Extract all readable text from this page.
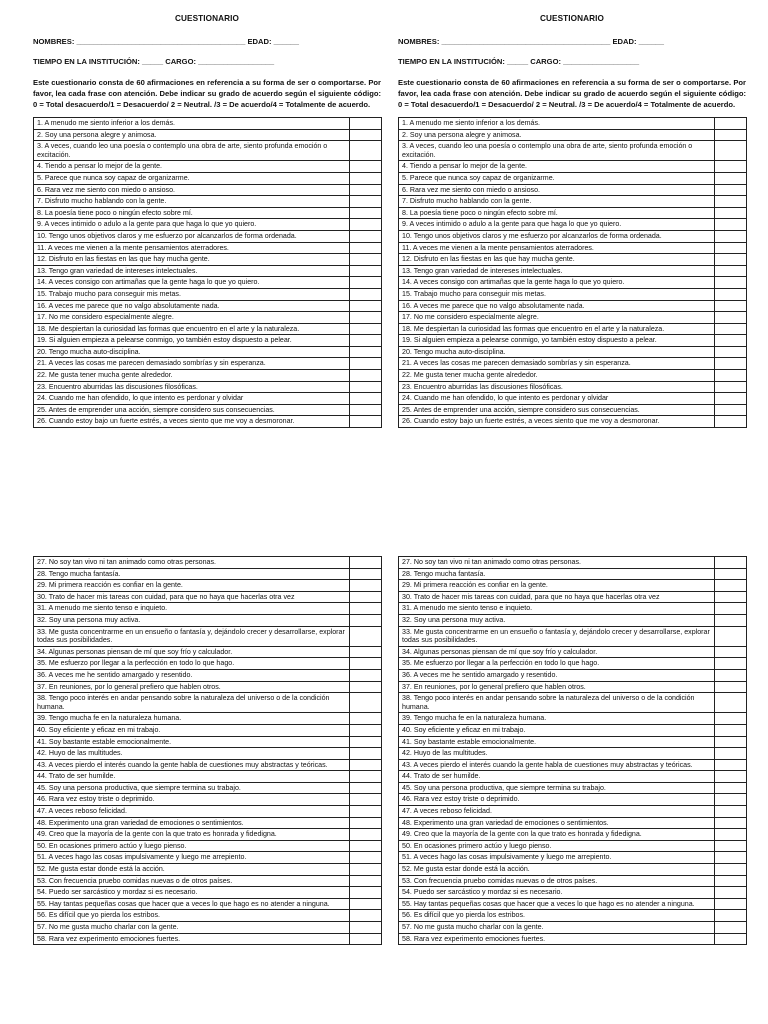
CUESTIONARIO
NOMBRES: ________________________________________ EDAD: ______
TIEMPO EN LA INSTITUCIÓN: _____ CARGO: __________________
Este cuestionario consta de 60 afirmaciones en referencia a su forma de ser o comportarse. Por favor, lea cada frase con atención. Debe indicar su grado de acuerdo según el siguiente código: 0 = Total desacuerdo/1 = Desacuerdo/ 2 = Neutral. /3 = De acuerdo/4 = Totalmente de acuerdo.
1. A menudo me siento inferior a los demás.	
2. Soy una persona alegre y animosa.	
3. A veces, cuando leo una poesía o contemplo una obra de arte, siento profunda emoción o excitación.	
4. Tiendo a pensar lo mejor de la gente.	
5. Parece que nunca soy capaz de organizarme.	
6. Rara vez me siento con miedo o ansioso.	
7. Disfruto mucho hablando con la gente.	
8. La poesía tiene poco o ningún efecto sobre mí.	
9. A veces intimido o adulo a la gente para que haga lo que yo quiero.	
10. Tengo unos objetivos claros y me esfuerzo por alcanzarlos de forma ordenada.	
11. A veces me vienen a la mente pensamientos aterradores.	
12. Disfruto en las fiestas en las que hay mucha gente.	
13. Tengo gran variedad de intereses intelectuales.	
14. A veces consigo con artimañas que la gente haga lo que yo quiero.	
15. Trabajo mucho para conseguir mis metas.	
16. A veces me parece que no valgo absolutamente nada.	
17. No me considero especialmente alegre.	
18. Me despiertan la curiosidad las formas que encuentro en el arte y la naturaleza.	
19. Si alguien empieza a pelearse conmigo, yo también estoy dispuesto a pelear.	
20. Tengo mucha auto-disciplina.	
21. A veces las cosas me parecen demasiado sombrías y sin esperanza.	
22. Me gusta tener mucha gente alrededor.	
23. Encuentro aburridas las discusiones filosóficas.	
24. Cuando me han ofendido, lo que intento es perdonar y olvidar	
25. Antes de emprender una acción, siempre considero sus consecuencias.	
26. Cuando estoy bajo un fuerte estrés, a veces siento que me voy a desmoronar.	
CUESTIONARIO
NOMBRES: ________________________________________ EDAD: ______
TIEMPO EN LA INSTITUCIÓN: _____ CARGO: __________________
Este cuestionario consta de 60 afirmaciones en referencia a su forma de ser o comportarse. Por favor, lea cada frase con atención. Debe indicar su grado de acuerdo según el siguiente código: 0 = Total desacuerdo/1 = Desacuerdo/ 2 = Neutral. /3 = De acuerdo/4 = Totalmente de acuerdo.
1. A menudo me siento inferior a los demás.	
2. Soy una persona alegre y animosa.	
3. A veces, cuando leo una poesía o contemplo una obra de arte, siento profunda emoción o excitación.	
4. Tiendo a pensar lo mejor de la gente.	
5. Parece que nunca soy capaz de organizarme.	
6. Rara vez me siento con miedo o ansioso.	
7. Disfruto mucho hablando con la gente.	
8. La poesía tiene poco o ningún efecto sobre mí.	
9. A veces intimido o adulo a la gente para que haga lo que yo quiero.	
10. Tengo unos objetivos claros y me esfuerzo por alcanzarlos de forma ordenada.	
11. A veces me vienen a la mente pensamientos aterradores.	
12. Disfruto en las fiestas en las que hay mucha gente.	
13. Tengo gran variedad de intereses intelectuales.	
14. A veces consigo con artimañas que la gente haga lo que yo quiero.	
15. Trabajo mucho para conseguir mis metas.	
16. A veces me parece que no valgo absolutamente nada.	
17. No me considero especialmente alegre.	
18. Me despiertan la curiosidad las formas que encuentro en el arte y la naturaleza.	
19. Si alguien empieza a pelearse conmigo, yo también estoy dispuesto a pelear.	
20. Tengo mucha auto-disciplina.	
21. A veces las cosas me parecen demasiado sombrías y sin esperanza.	
22. Me gusta tener mucha gente alrededor.	
23. Encuentro aburridas las discusiones filosóficas.	
24. Cuando me han ofendido, lo que intento es perdonar y olvidar	
25. Antes de emprender una acción, siempre considero sus consecuencias.	
26. Cuando estoy bajo un fuerte estrés, a veces siento que me voy a desmoronar.	
27. No soy tan vivo ni tan animado como otras personas.	
28. Tengo mucha fantasía.	
29. Mi primera reacción es confiar en la gente.	
30. Trato de hacer mis tareas con cuidad, para que no haya que hacerlas otra vez	
31. A menudo me siento tenso e inquieto.	
32. Soy una persona muy activa.	
33. Me gusta concentrarme en un ensueño o fantasía y, dejándolo crecer y desarrollarse, explorar todas sus posibilidades.	
34. Algunas personas piensan de mí que soy frío y calculador.	
35. Me esfuerzo por llegar a la perfección en todo lo que hago.	
36. A veces me he sentido amargado y resentido.	
37. En reuniones, por lo general prefiero que hablen otros.	
38. Tengo poco interés en andar pensando sobre la naturaleza del universo o de la condición humana.	
39. Tengo mucha fe en la naturaleza humana.	
40. Soy eficiente y eficaz en mi trabajo.	
41. Soy bastante estable emocionalmente.	
42. Huyo de las multitudes.	
43. A veces pierdo el interés cuando la gente habla de cuestiones muy abstractas y teóricas.	
44. Trato de ser humilde.	
45. Soy una persona productiva, que siempre termina su trabajo.	
46. Rara vez estoy triste o deprimido.	
47. A veces reboso felicidad.	
48. Experimento una gran variedad de emociones o sentimientos.	
49. Creo que la mayoría de la gente con la que trato es honrada y fidedigna.	
50. En ocasiones primero actúo y luego pienso.	
51. A veces hago las cosas impulsivamente y luego me arrepiento.	
52. Me gusta estar donde está la acción.	
53. Con frecuencia pruebo comidas nuevas o de otros países.	
54. Puedo ser sarcástico y mordaz si es necesario.	
55. Hay tantas pequeñas cosas que hacer que a veces lo que hago es no atender a ninguna.	
56. Es difícil que yo pierda los estribos.	
57. No me gusta mucho charlar con la gente.	
58. Rara vez experimento emociones fuertes.	
27. No soy tan vivo ni tan animado como otras personas.	
28. Tengo mucha fantasía.	
29. Mi primera reacción es confiar en la gente.	
30. Trato de hacer mis tareas con cuidad, para que no haya que hacerlas otra vez	
31. A menudo me siento tenso e inquieto.	
32. Soy una persona muy activa.	
33. Me gusta concentrarme en un ensueño o fantasía y, dejándolo crecer y desarrollarse, explorar todas sus posibilidades.	
34. Algunas personas piensan de mí que soy frío y calculador.	
35. Me esfuerzo por llegar a la perfección en todo lo que hago.	
36. A veces me he sentido amargado y resentido.	
37. En reuniones, por lo general prefiero que hablen otros.	
38. Tengo poco interés en andar pensando sobre la naturaleza del universo o de la condición humana.	
39. Tengo mucha fe en la naturaleza humana.	
40. Soy eficiente y eficaz en mi trabajo.	
41. Soy bastante estable emocionalmente.	
42. Huyo de las multitudes.	
43. A veces pierdo el interés cuando la gente habla de cuestiones muy abstractas y teóricas.	
44. Trato de ser humilde.	
45. Soy una persona productiva, que siempre termina su trabajo.	
46. Rara vez estoy triste o deprimido.	
47. A veces reboso felicidad.	
48. Experimento una gran variedad de emociones o sentimientos.	
49. Creo que la mayoría de la gente con la que trato es honrada y fidedigna.	
50. En ocasiones primero actúo y luego pienso.	
51. A veces hago las cosas impulsivamente y luego me arrepiento.	
52. Me gusta estar donde está la acción.	
53. Con frecuencia pruebo comidas nuevas o de otros países.	
54. Puedo ser sarcástico y mordaz si es necesario.	
55. Hay tantas pequeñas cosas que hacer que a veces lo que hago es no atender a ninguna.	
56. Es difícil que yo pierda los estribos.	
57. No me gusta mucho charlar con la gente.	
58. Rara vez experimento emociones fuertes.	
